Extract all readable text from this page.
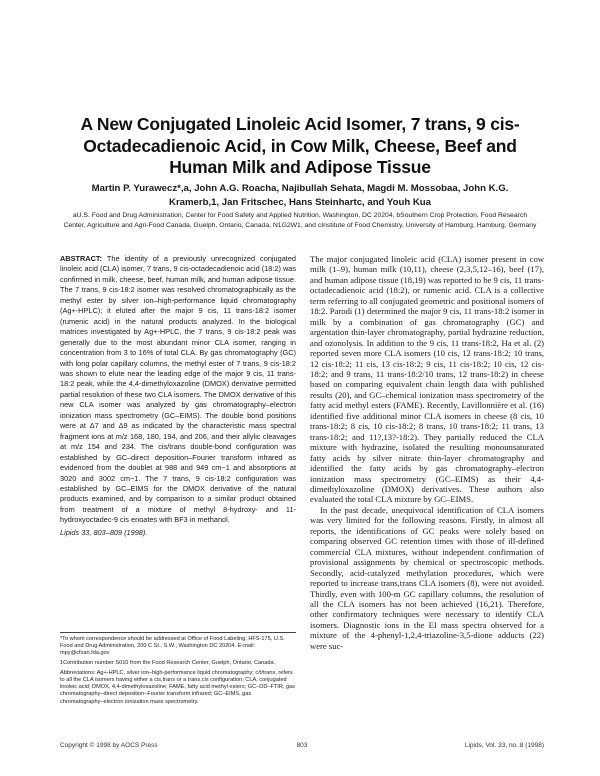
A New Conjugated Linoleic Acid Isomer, 7 trans, 9 cis-Octadecadienoic Acid, in Cow Milk, Cheese, Beef and Human Milk and Adipose Tissue
Martin P. Yurawecz*,a, John A.G. Roacha, Najibullah Sehata, Magdi M. Mossobaa, John K.G. Kramerb,1, Jan Fritschec, Hans Steinhartc, and Youh Kua
aU.S. Food and Drug Administration, Center for Food Safety and Applied Nutrition, Washington, DC 20204, bSouthern Crop Protection, Food Research Center, Agriculture and Agri-Food Canada, Guelph, Ontario, Canada, N1G2W1, and cInstitute of Food Chemistry, University of Hamburg, Hamburg, Germany
ABSTRACT: The identity of a previously unrecognized conjugated linoleic acid (CLA) isomer, 7 trans, 9 cis-octadecadienoic acid (18:2) was confirmed in milk, cheese, beef, human milk, and human adipose tissue. The 7 trans, 9 cis-18:2 isomer was resolved chromatographically as the methyl ester by silver ion–high-performance liquid chromatography (Ag+-HPLC); it eluted after the major 9 cis, 11 trans-18:2 isomer (rumenic acid) in the natural products analyzed. In the biological matrices investigated by Ag+-HPLC, the 7 trans, 9 cis-18:2 peak was generally due to the most abundant minor CLA isomer, ranging in concentration from 3 to 16% of total CLA. By gas chromatography (GC) with long polar capillary columns, the methyl ester of 7 trans, 9 cis-18:2 was shown to elute near the leading edge of the major 9 cis, 11 trans-18:2 peak, while the 4,4-dimethyloxazoline (DMOX) derivative permitted partial resolution of these two CLA isomers. The DMOX derivative of this new CLA isomer was analyzed by gas chromatography–electron ionization mass spectrometry (GC–EIMS). The double bond positions were at Δ7 and Δ9 as indicated by the characteristic mass spectral fragment ions at m/z 168, 180, 194, and 206, and their allylic cleavages at m/z 154 and 234. The cis/trans double-bond configuration was established by GC–direct deposition–Fourier transform infrared as evidenced from the doublet at 988 and 949 cm−1 and absorptions at 3020 and 3002 cm−1. The 7 trans, 9 cis-18:2 configuration was established by GC–EIMS for the DMOX derivative of the natural products examined, and by comparison to a similar product obtained from treatment of a mixture of methyl 8-hydroxy- and 11-hydroxyoctadec-9 cis enoates with BF3 in methanol.
Lipids 33, 803–809 (1998).

*To whom correspondence should be addressed at Office of Food Labeling, HFS-175, U.S. Food and Drug Administration, 200 C St., S.W., Washington DC 20204. E-mail: mpy@cfsan.fda.gov

1Contribution number S010 from the Food Research Center, Guelph, Ontario, Canada.

Abbreviations: Ag+-HPLC, silver ion–high-performance liquid chromatography; c/t/trans, refers to all the CLA isomers having either a cis,trans or a trans,cis configuration; CLA, conjugated linoleic acid; DMOX, 4,4-dimethyloxazoline; FAME, fatty acid methyl esters; GC–DD–FTIR, gas chromatography–direct deposition–Fourier transform infrared; GC–EIMS, gas chromatography–electron ionization mass spectrometry.

The major conjugated linoleic acid (CLA) isomer present in cow milk (1–9), human milk (10,11), cheese (2,3,5,12–16), beef (17), and human adipose tissue (18,19) was reported to be 9 cis, 11 trans-octadecadienoic acid (18:2), or rumenic acid. CLA is a collective term referring to all conjugated geometric and positional isomers of 18:2. Parodi (1) determined the major 9 cis, 11 trans-18:2 isomer in milk by a combination of gas chromatography (GC) and argentation thin-layer chromatography, partial hydrazine reduction, and ozonolysis. In addition to the 9 cis, 11 trans-18:2, Ha et al. (2) reported seven more CLA isomers (10 cis, 12 trans-18:2; 10 trans, 12 cis-18:2; 11 cis, 13 cis-18:2; 9 cis, 11 cis-18:2; 10 cis, 12 cis-18:2; and 9 trans, 11 trans-18:2/10 trans, 12 trans-18:2) in cheese based on comparing equivalent chain length data with published results (20), and GC–chemical ionization mass spectrometry of the fatty acid methyl esters (FAME). Recently, Lavillonnière et al. (16) identified five additional minor CLA isomers in cheese (8 cis, 10 trans-18:2; 8 cis, 10 cis-18:2; 8 trans, 10 trans-18:2; 11 trans, 13 trans-18:2; and 11?,13?-18:2). They partially reduced the CLA mixture with hydrazine, isolated the resulting monounsaturated fatty acids by silver nitrate thin-layer chromatography and identified the fatty acids by gas chromatography–electron ionization mass spectrometry (GC–EIMS) as their 4,4-dimethyloxazoline (DMOX) derivatives. These authors also evaluated the total CLA mixture by GC–EIMS.

In the past decade, unequivocal identification of CLA isomers was very limited for the following reasons. Firstly, in almost all reports, the identifications of GC peaks were solely based on comparing observed GC retention times with those of ill-defined commercial CLA mixtures, without independent confirmation of provisional assignments by chemical or spectroscopic methods. Secondly, acid-catalyzed methylation procedures, which were reported to increase trans,trans CLA isomers (8), were not avoided. Thirdly, even with 100-m GC capillary columns, the resolution of all the CLA isomers has not been achieved (16,21). Therefore, other confirmatory techniques were necessary to identify CLA isomers. Diagnostic ions in the EI mass spectra observed for a mixture of the 4-phenyl-1,2,4-triazoline-3,5-dione adducts (22) were suc-

Copyright © 1998 by AOCS Press	803	Lipids, Vol. 33, no. 8 (1998)
